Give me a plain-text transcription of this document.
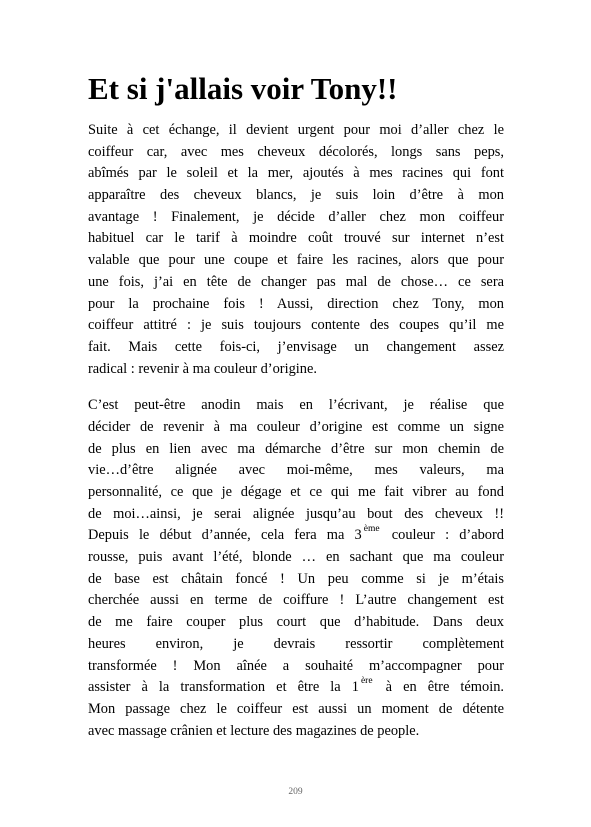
Et si j'allais voir Tony!!
Suite à cet échange, il devient urgent pour moi d’aller chez le
coiffeur car, avec mes cheveux décolorés, longs sans peps,
abîmés par le soleil et la mer, ajoutés à mes racines qui font
apparaître des cheveux blancs, je suis loin d’être à mon
avantage ! Finalement, je décide d’aller chez mon coiffeur
habituel car le tarif à moindre coût trouvé sur internet n’est
valable que pour une coupe et faire les racines, alors que pour
une fois, j’ai en tête de changer pas mal de chose… ce sera
pour la prochaine fois ! Aussi, direction chez Tony, mon
coiffeur attitré : je suis toujours contente des coupes qu’il me
fait. Mais cette fois-ci, j’envisage un changement assez
radical : revenir à ma couleur d’origine.
C’est peut-être anodin mais en l’écrivant, je réalise que
décider de revenir à ma couleur d’origine est comme un signe
de plus en lien avec ma démarche d’être sur mon chemin de
vie…d’être alignée avec moi-même, mes valeurs, ma
personnalité, ce que je dégage et ce qui me fait vibrer au fond
de moi…ainsi, je serai alignée jusqu’au bout des cheveux !!
Depuis le début d’année, cela fera ma 3 $^{ème}$ couleur : d’abord
rousse, puis avant l’été, blonde … en sachant que ma couleur
de base est châtain foncé ! Un peu comme si je m’étais
cherchée aussi en terme de coiffure ! L’autre changement est
de me faire couper plus court que d’habitude. Dans deux
heures environ, je devrais ressortir complètement
transformée ! Mon aînée a souhaité m’accompagner pour
assister à la transformation et être la 1 $^{ère}$ à en être témoin.
Mon passage chez le coiffeur est aussi un moment de détente
avec massage crânien et lecture des magazines de people.
209
